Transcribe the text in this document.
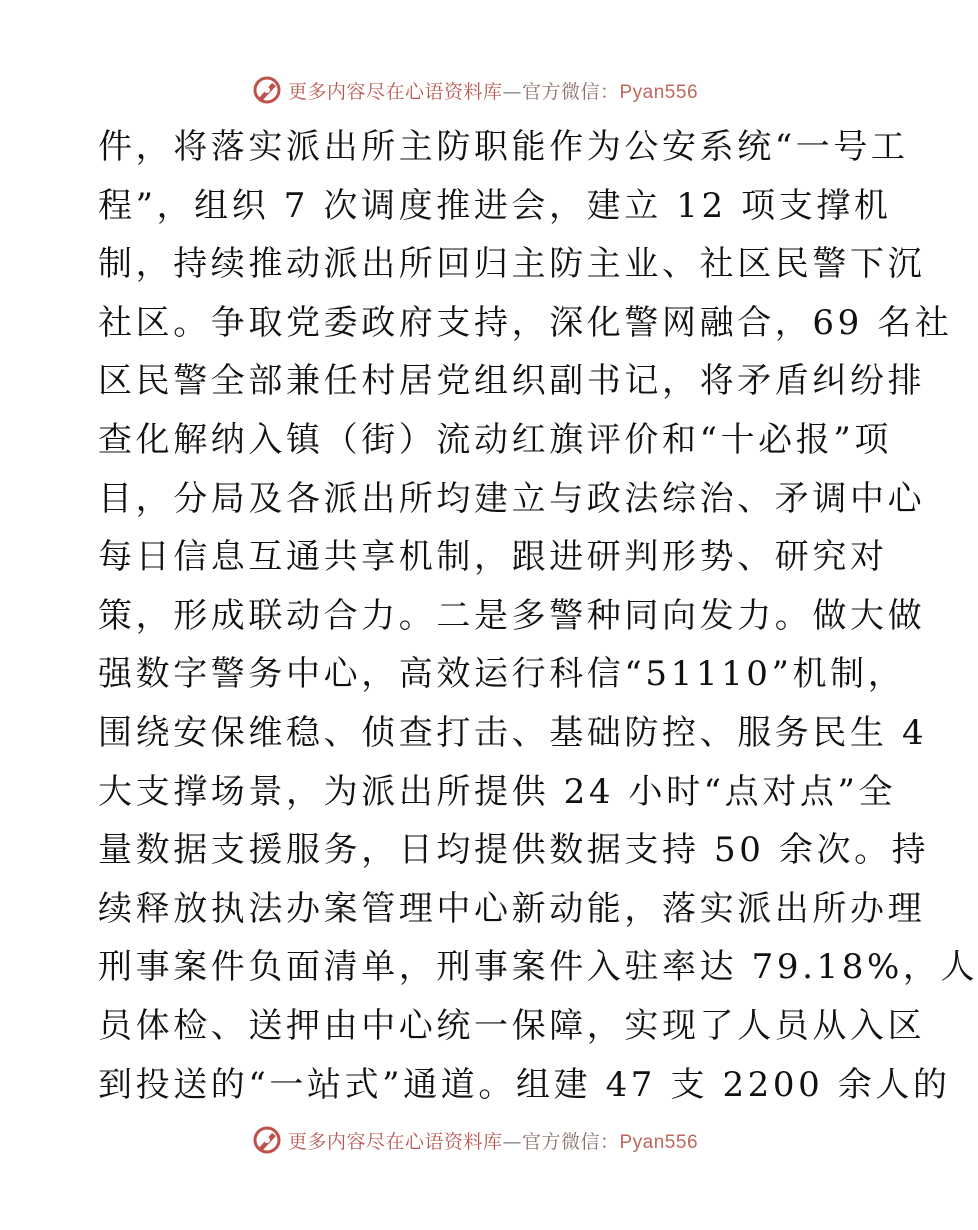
更多内容尽在心语资料库—官方微信：Pyan556
件，将落实派出所主防职能作为公安系统“一号工
程”，组织 7 次调度推进会，建立 12 项支撑机
制，持续推动派出所回归主防主业、社区民警下沉
社区。争取党委政府支持，深化警网融合，69 名社
区民警全部兼任村居党组织副书记，将矛盾纠纷排
查化解纳入镇（街）流动红旗评价和“十必报”项
目，分局及各派出所均建立与政法综治、矛调中心
每日信息互通共享机制，跟进研判形势、研究对
策，形成联动合力。二是多警种同向发力。做大做
强数字警务中心，高效运行科信“51110”机制，
围绕安保维稳、侦查打击、基础防控、服务民生 4
大支撑场景，为派出所提供 24 小时“点对点”全
量数据支援服务，日均提供数据支持 50 余次。持
续释放执法办案管理中心新动能，落实派出所办理
刑事案件负面清单，刑事案件入驻率达 79.18%，人
员体检、送押由中心统一保障，实现了人员从入区
到投送的“一站式”通道。组建 47 支 2200 余人的
更多内容尽在心语资料库—官方微信：Pyan556
